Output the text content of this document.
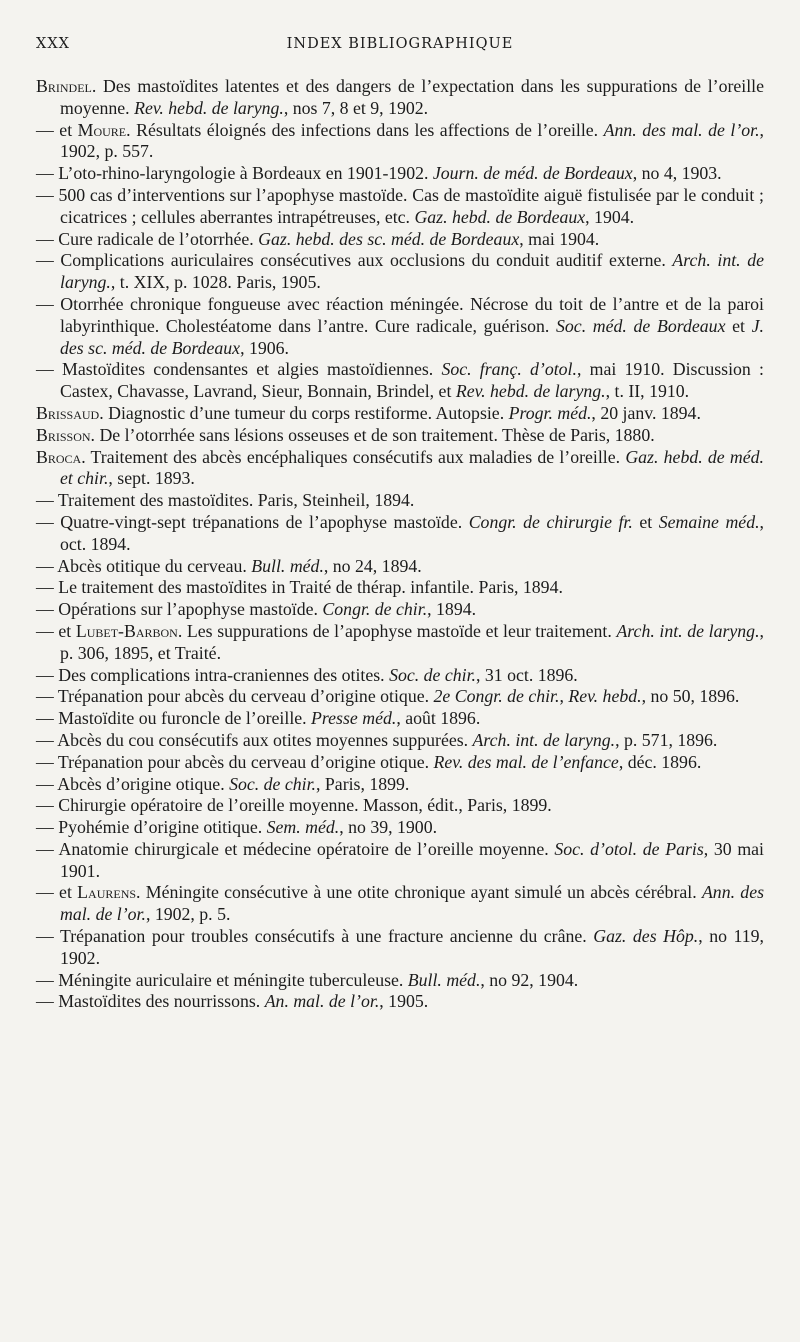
XXX	INDEX BIBLIOGRAPHIQUE

Brindel. Des mastoïdites latentes et des dangers de l’expectation dans les suppurations de l’oreille moyenne. Rev. hebd. de laryng., nos 7, 8 et 9, 1902.

— et Moure. Résultats éloignés des infections dans les affections de l’oreille. Ann. des mal. de l’or., 1902, p. 557.

— L’oto-rhino-laryngologie à Bordeaux en 1901-1902. Journ. de méd. de Bordeaux, no 4, 1903.

— 500 cas d’interventions sur l’apophyse mastoïde. Cas de mastoïdite aiguë fistulisée par le conduit ; cicatrices ; cellules aberrantes intrapétreuses, etc. Gaz. hebd. de Bordeaux, 1904.

— Cure radicale de l’otorrhée. Gaz. hebd. des sc. méd. de Bordeaux, mai 1904.

— Complications auriculaires consécutives aux occlusions du conduit auditif externe. Arch. int. de laryng., t. XIX, p. 1028. Paris, 1905.

— Otorrhée chronique fongueuse avec réaction méningée. Nécrose du toit de l’antre et de la paroi labyrinthique. Cholestéatome dans l’antre. Cure radicale, guérison. Soc. méd. de Bordeaux et J. des sc. méd. de Bordeaux, 1906.

— Mastoïdites condensantes et algies mastoïdiennes. Soc. franç. d’otol., mai 1910. Discussion : Castex, Chavasse, Lavrand, Sieur, Bonnain, Brindel, et Rev. hebd. de laryng., t. II, 1910.

Brissaud. Diagnostic d’une tumeur du corps restiforme. Autopsie. Progr. méd., 20 janv. 1894.

Brisson. De l’otorrhée sans lésions osseuses et de son traitement. Thèse de Paris, 1880.

Broca. Traitement des abcès encéphaliques consécutifs aux maladies de l’oreille. Gaz. hebd. de méd. et chir., sept. 1893.

— Traitement des mastoïdites. Paris, Steinheil, 1894.

— Quatre-vingt-sept trépanations de l’apophyse mastoïde. Congr. de chirurgie fr. et Semaine méd., oct. 1894.

— Abcès otitique du cerveau. Bull. méd., no 24, 1894.

— Le traitement des mastoïdites in Traité de thérap. infantile. Paris, 1894.

— Opérations sur l’apophyse mastoïde. Congr. de chir., 1894.

— et Lubet-Barbon. Les suppurations de l’apophyse mastoïde et leur traitement. Arch. int. de laryng., p. 306, 1895, et Traité.

— Des complications intra-craniennes des otites. Soc. de chir., 31 oct. 1896.

— Trépanation pour abcès du cerveau d’origine otique. 2e Congr. de chir., Rev. hebd., no 50, 1896.

— Mastoïdite ou furoncle de l’oreille. Presse méd., août 1896.

— Abcès du cou consécutifs aux otites moyennes suppurées. Arch. int. de laryng., p. 571, 1896.

— Trépanation pour abcès du cerveau d’origine otique. Rev. des mal. de l’enfance, déc. 1896.

— Abcès d’origine otique. Soc. de chir., Paris, 1899.

— Chirurgie opératoire de l’oreille moyenne. Masson, édit., Paris, 1899.

— Pyohémie d’origine otitique. Sem. méd., no 39, 1900.

— Anatomie chirurgicale et médecine opératoire de l’oreille moyenne. Soc. d’otol. de Paris, 30 mai 1901.

— et Laurens. Méningite consécutive à une otite chronique ayant simulé un abcès cérébral. Ann. des mal. de l’or., 1902, p. 5.

— Trépanation pour troubles consécutifs à une fracture ancienne du crâne. Gaz. des Hôp., no 119, 1902.

— Méningite auriculaire et méningite tuberculeuse. Bull. méd., no 92, 1904.

— Mastoïdites des nourrissons. An. mal. de l’or., 1905.
